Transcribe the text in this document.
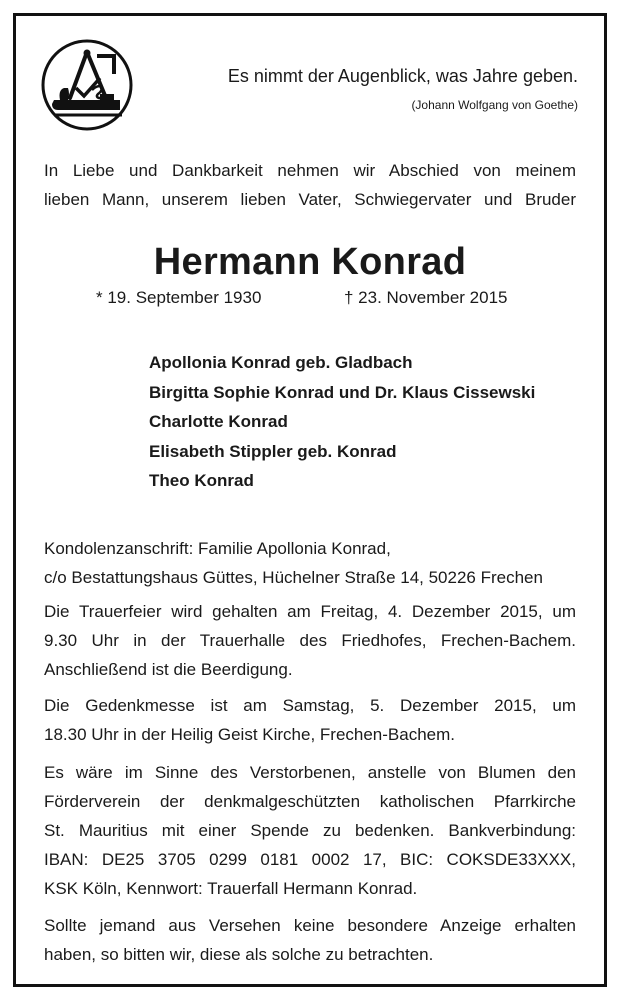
Es nimmt der Augenblick, was Jahre geben.

(Johann Wolfgang von Goethe)

In Liebe und Dankbarkeit nehmen wir Abschied von meinem
lieben Mann, unserem lieben Vater, Schwiegervater und Bruder
Hermann Konrad

* 19. September 1930	† 23. November 2015

Apollonia Konrad geb. Gladbach
Birgitta Sophie Konrad und Dr. Klaus Cissewski
Charlotte Konrad
Elisabeth Stippler geb. Konrad
Theo Konrad
Kondolenzanschrift: Familie Apollonia Konrad,
c/o Bestattungshaus Güttes, Hüchelner Straße 14, 50226 Frechen
Die Trauerfeier wird gehalten am Freitag, 4. Dezember 2015, um
9.30 Uhr in der Trauerhalle des Friedhofes, Frechen-Bachem.
Anschließend ist die Beerdigung.
Die Gedenkmesse ist am Samstag, 5. Dezember 2015, um
18.30 Uhr in der Heilig Geist Kirche, Frechen-Bachem.
Es wäre im Sinne des Verstorbenen, anstelle von Blumen den
Förderverein der denkmalgeschützten katholischen Pfarrkirche
St. Mauritius mit einer Spende zu bedenken. Bankverbindung:
IBAN: DE25 3705 0299 0181 0002 17, BIC: COKSDE33XXX,
KSK Köln, Kennwort: Trauerfall Hermann Konrad.
Sollte jemand aus Versehen keine besondere Anzeige erhalten
haben, so bitten wir, diese als solche zu betrachten.
